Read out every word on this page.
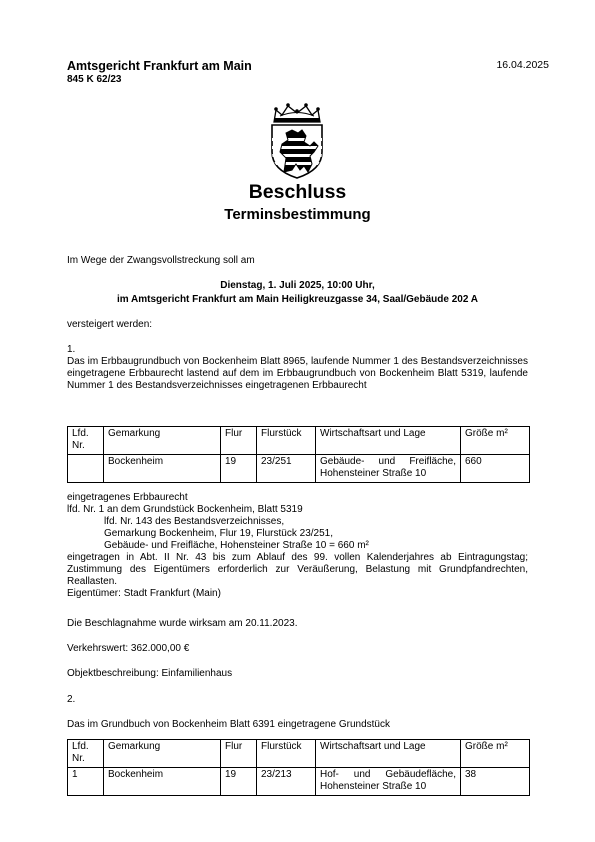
Amtsgericht Frankfurt am Main
845 K 62/23
16.04.2025
Beschluss
Terminsbestimmung
Im Wege der Zwangsvollstreckung soll am
Dienstag, 1. Juli 2025, 10:00 Uhr,
im Amtsgericht Frankfurt am Main Heiligkreuzgasse 34, Saal/Gebäude 202 A
versteigert werden:
1.
Das im Erbbaugrundbuch von Bockenheim Blatt 8965, laufende Nummer 1 des Bestandsverzeichnisses eingetragene Erbbaurecht lastend auf dem im Erbbaugrundbuch von Bockenheim Blatt 5319, laufende Nummer 1 des Bestandsverzeichnisses eingetragenen Erbbaurecht
Lfd. Nr.	Gemarkung	Flur	Flurstück	Wirtschaftsart und Lage	Größe m²
	Bockenheim	19	23/251	Gebäude- und Freifläche, Hohensteiner Straße 10	660
eingetragenes Erbbaurecht
lfd. Nr. 1 an dem Grundstück Bockenheim, Blatt 5319
lfd. Nr. 143 des Bestandsverzeichnisses,
Gemarkung Bockenheim, Flur 19, Flurstück 23/251,
Gebäude- und Freifläche, Hohensteiner Straße 10 = 660 m²
eingetragen in Abt. II Nr. 43 bis zum Ablauf des 99. vollen Kalenderjahres ab Eintragungstag; Zustimmung des Eigentümers erforderlich zur Veräußerung, Belastung mit Grundpfandrechten, Reallasten.
Eigentümer: Stadt Frankfurt (Main)
Die Beschlagnahme wurde wirksam am 20.11.2023.
Verkehrswert: 362.000,00 €
Objektbeschreibung: Einfamilienhaus
2.
Das im Grundbuch von Bockenheim Blatt 6391 eingetragene Grundstück
Lfd. Nr.	Gemarkung	Flur	Flurstück	Wirtschaftsart und Lage	Größe m²
1	Bockenheim	19	23/213	Hof- und Gebäudefläche, Hohensteiner Straße 10	38
